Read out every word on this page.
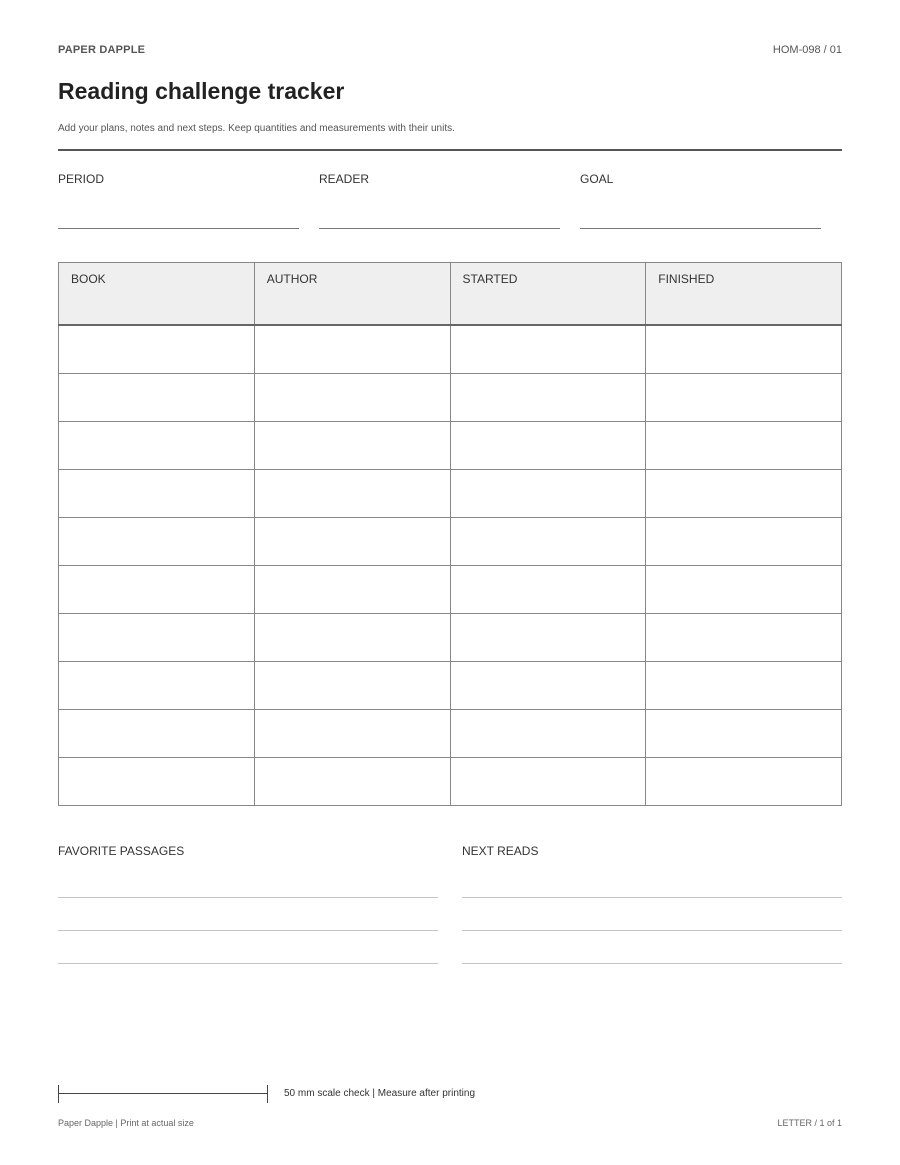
PAPER DAPPLE	HOM-098 / 01
Reading challenge tracker
Add your plans, notes and next steps. Keep quantities and measurements with their units.
PERIOD	READER	GOAL
BOOK	AUTHOR	STARTED	FINISHED

FAVORITE PASSAGES	NEXT READS
50 mm scale check | Measure after printing
Paper Dapple | Print at actual size	LETTER / 1 of 1
